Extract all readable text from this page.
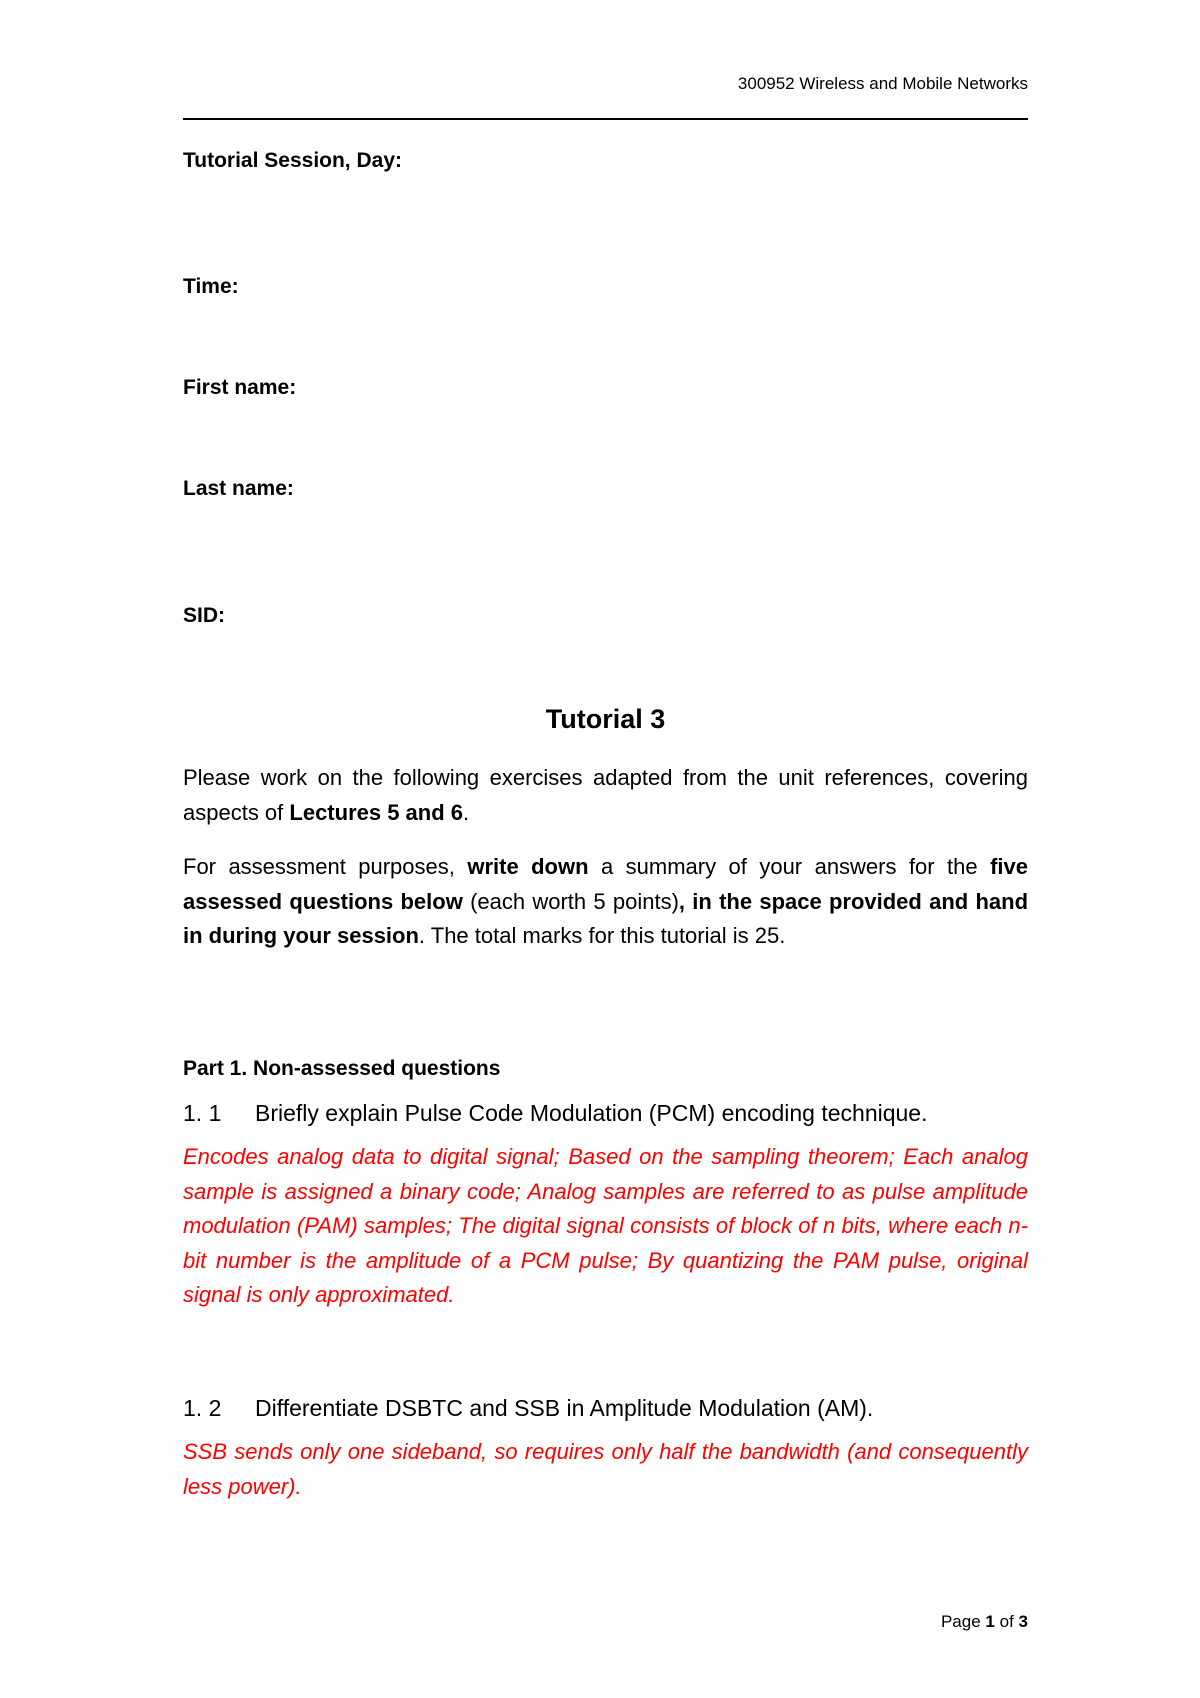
300952 Wireless and Mobile Networks
Tutorial Session, Day:
Time:
First name:
Last name:
SID:
Tutorial 3
Please work on the following exercises adapted from the unit references, covering aspects of Lectures 5 and 6.
For assessment purposes, write down a summary of your answers for the five assessed questions below (each worth 5 points), in the space provided and hand in during your session. The total marks for this tutorial is 25.
Part 1. Non-assessed questions
1. 1 Briefly explain Pulse Code Modulation (PCM) encoding technique.
Encodes analog data to digital signal; Based on the sampling theorem; Each analog sample is assigned a binary code; Analog samples are referred to as pulse amplitude modulation (PAM) samples; The digital signal consists of block of n bits, where each n-bit number is the amplitude of a PCM pulse; By quantizing the PAM pulse, original signal is only approximated.
1. 2 Differentiate DSBTC and SSB in Amplitude Modulation (AM).
SSB sends only one sideband, so requires only half the bandwidth (and consequently less power).
Page 1 of 3
